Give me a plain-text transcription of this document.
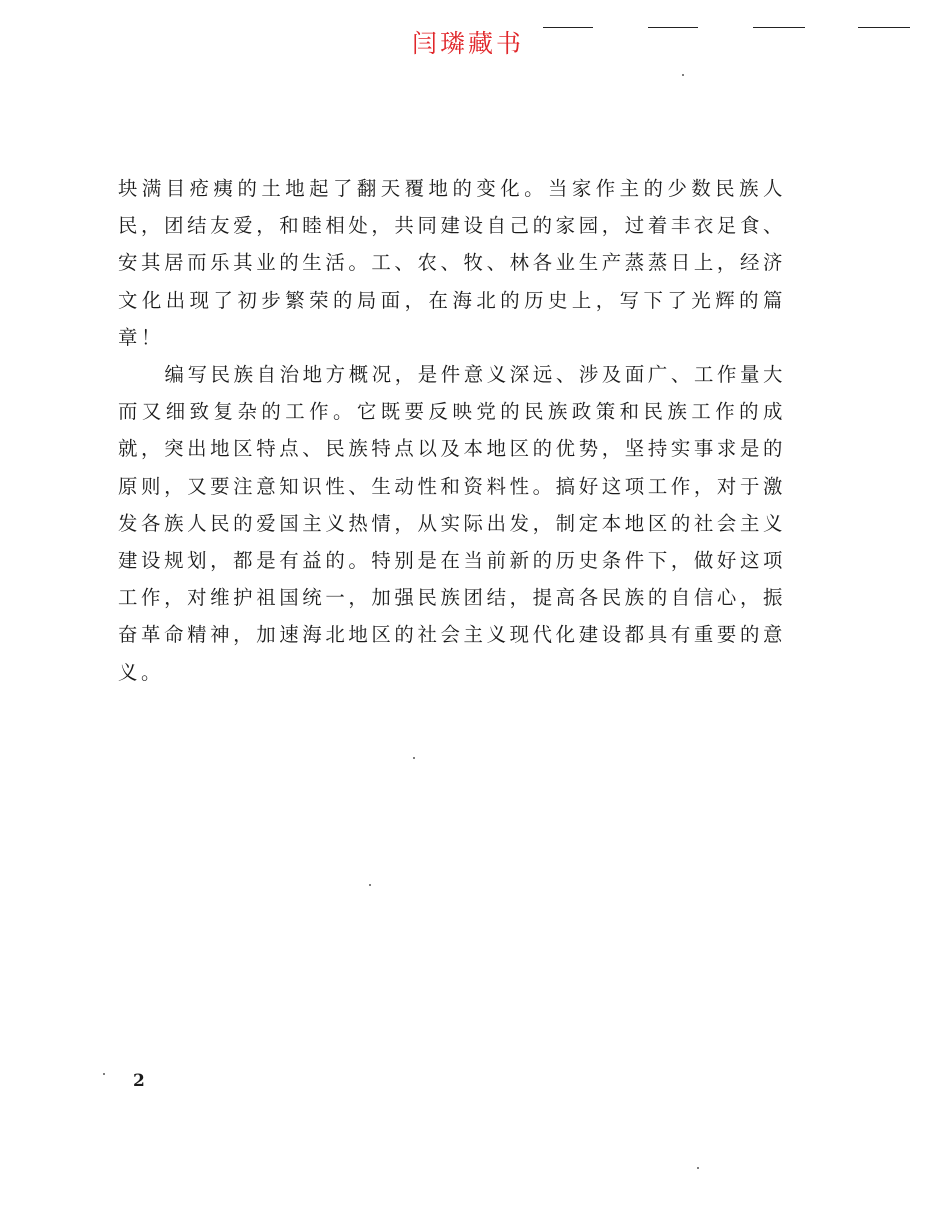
闫璘藏书

块满目疮痍的土地起了翻天覆地的变化。当家作主的少数民族人民，团结友爱，和睦相处，共同建设自己的家园，过着丰衣足食、安其居而乐其业的生活。工、农、牧、林各业生产蒸蒸日上，经济文化出现了初步繁荣的局面，在海北的历史上，写下了光辉的篇章！

编写民族自治地方概况，是件意义深远、涉及面广、工作量大而又细致复杂的工作。它既要反映党的民族政策和民族工作的成就，突出地区特点、民族特点以及本地区的优势，坚持实事求是的原则，又要注意知识性、生动性和资料性。搞好这项工作，对于激发各族人民的爱国主义热情，从实际出发，制定本地区的社会主义建设规划，都是有益的。特别是在当前新的历史条件下，做好这项工作，对维护祖国统一，加强民族团结，提高各民族的自信心，振奋革命精神，加速海北地区的社会主义现代化建设都具有重要的意义。

2
